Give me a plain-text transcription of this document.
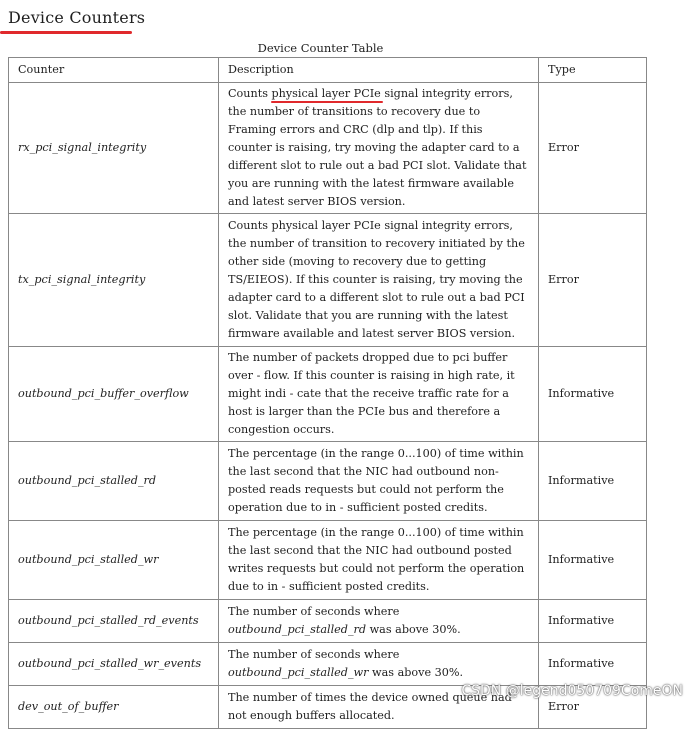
Device Counters
Device Counter Table
Counter	Description	Type
rx_pci_signal_integrity	Counts physical layer PCIe signal integrity errors, the number of transitions to recovery due to Framing errors and CRC (dlp and tlp). If this counter is raising, try moving the adapter card to a different slot to rule out a bad PCI slot. Validate that you are running with the latest firmware available and latest server BIOS version.	Error
tx_pci_signal_integrity	Counts physical layer PCIe signal integrity errors, the number of transition to recovery initiated by the other side (moving to recovery due to getting TS/EIEOS). If this counter is raising, try moving the adapter card to a different slot to rule out a bad PCI slot. Validate that you are running with the latest firmware available and latest server BIOS version.	Error
outbound_pci_buffer_overflow	The number of packets dropped due to pci buffer over - flow. If this counter is raising in high rate, it might indi - cate that the receive traffic rate for a host is larger than the PCIe bus and therefore a congestion occurs.	Informative
outbound_pci_stalled_rd	The percentage (in the range 0...100) of time within the last second that the NIC had outbound non-posted reads requests but could not perform the operation due to in - sufficient posted credits.	Informative
outbound_pci_stalled_wr	The percentage (in the range 0...100) of time within the last second that the NIC had outbound posted writes requests but could not perform the operation due to in - sufficient posted credits.	Informative
outbound_pci_stalled_rd_events	The number of seconds where outbound_pci_stalled_rd was above 30%.	Informative
outbound_pci_stalled_wr_events	The number of seconds where outbound_pci_stalled_wr was above 30%.	Informative
dev_out_of_buffer	The number of times the device owned queue had not enough buffers allocated.	Error
CSDN @legend050709ComeON
